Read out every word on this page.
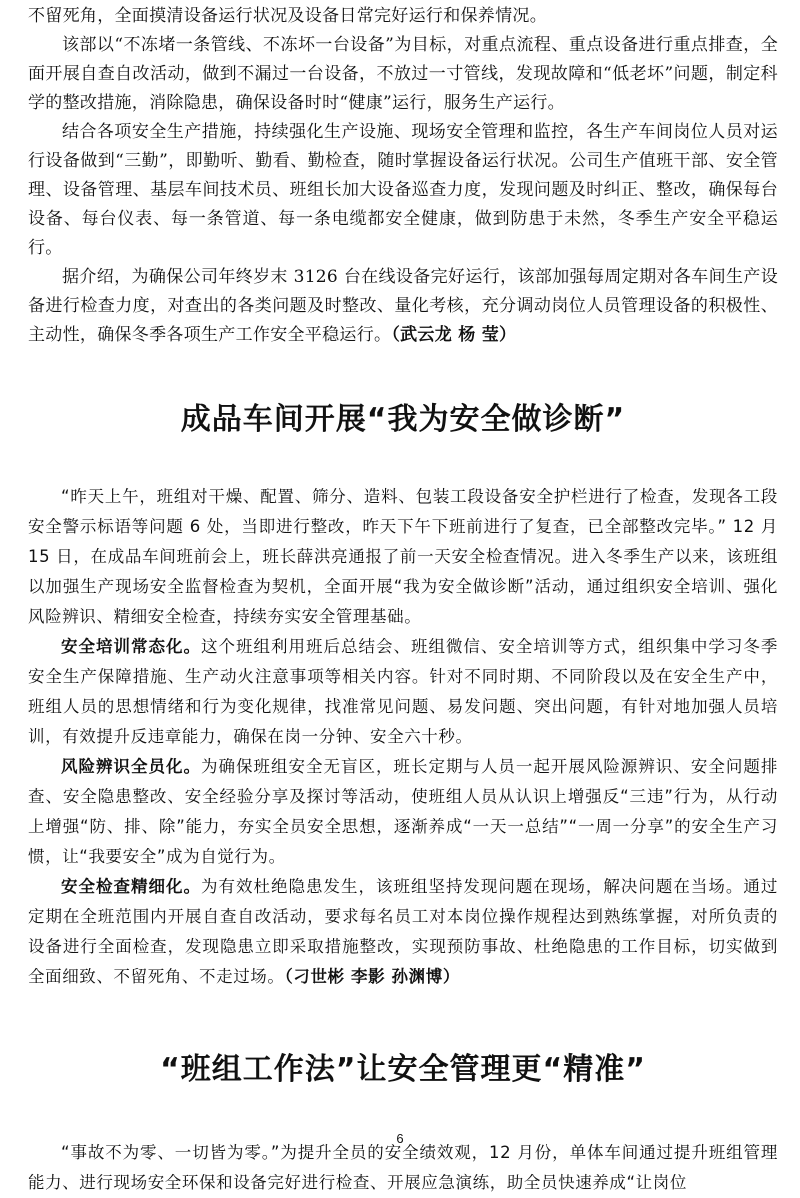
不留死角，全面摸清设备运行状况及设备日常完好运行和保养情况。

该部以“不冻堵一条管线、不冻坏一台设备”为目标，对重点流程、重点设备进行重点排查，全面开展自查自改活动，做到不漏过一台设备，不放过一寸管线，发现故障和“低老坏”问题，制定科学的整改措施，消除隐患，确保设备时时“健康”运行，服务生产运行。

结合各项安全生产措施，持续强化生产设施、现场安全管理和监控，各生产车间岗位人员对运行设备做到“三勤”，即勤听、勤看、勤检查，随时掌握设备运行状况。公司生产值班干部、安全管理、设备管理、基层车间技术员、班组长加大设备巡查力度，发现问题及时纠正、整改，确保每台设备、每台仪表、每一条管道、每一条电缆都安全健康，做到防患于未然，冬季生产安全平稳运行。

据介绍，为确保公司年终岁末 3126 台在线设备完好运行，该部加强每周定期对各车间生产设备进行检查力度，对查出的各类问题及时整改、量化考核，充分调动岗位人员管理设备的积极性、主动性，确保冬季各项生产工作安全平稳运行。（武云龙 杨 莹）

成品车间开展“我为安全做诊断”

“昨天上午，班组对干燥、配置、筛分、造料、包装工段设备安全护栏进行了检查，发现各工段安全警示标语等问题 6 处，当即进行整改，昨天下午下班前进行了复查，已全部整改完毕。” 12 月 15 日，在成品车间班前会上，班长薛洪亮通报了前一天安全检查情况。进入冬季生产以来，该班组以加强生产现场安全监督检查为契机，全面开展“我为安全做诊断”活动，通过组织安全培训、强化风险辨识、精细安全检查，持续夯实安全管理基础。

安全培训常态化。这个班组利用班后总结会、班组微信、安全培训等方式，组织集中学习冬季安全生产保障措施、生产动火注意事项等相关内容。针对不同时期、不同阶段以及在安全生产中，班组人员的思想情绪和行为变化规律，找准常见问题、易发问题、突出问题，有针对地加强人员培训，有效提升反违章能力，确保在岗一分钟、安全六十秒。

风险辨识全员化。为确保班组安全无盲区，班长定期与人员一起开展风险源辨识、安全问题排查、安全隐患整改、安全经验分享及探讨等活动，使班组人员从认识上增强反“三违”行为，从行动上增强“防、排、除”能力，夯实全员安全思想，逐渐养成“一天一总结”“一周一分享”的安全生产习惯，让“我要安全”成为自觉行为。

安全检查精细化。为有效杜绝隐患发生，该班组坚持发现问题在现场，解决问题在当场。通过定期在全班范围内开展自查自改活动，要求每名员工对本岗位操作规程达到熟练掌握，对所负责的设备进行全面检查，发现隐患立即采取措施整改，实现预防事故、杜绝隐患的工作目标，切实做到全面细致、不留死角、不走过场。（刁世彬 李影 孙渊博）

“班组工作法”让安全管理更“精准”

“事故不为零、一切皆为零。”为提升全员的安全绩效观，12 月份，单体车间通过提升班组管理能力、进行现场安全环保和设备完好进行检查、开展应急演练，助全员快速养成“让岗位

6
